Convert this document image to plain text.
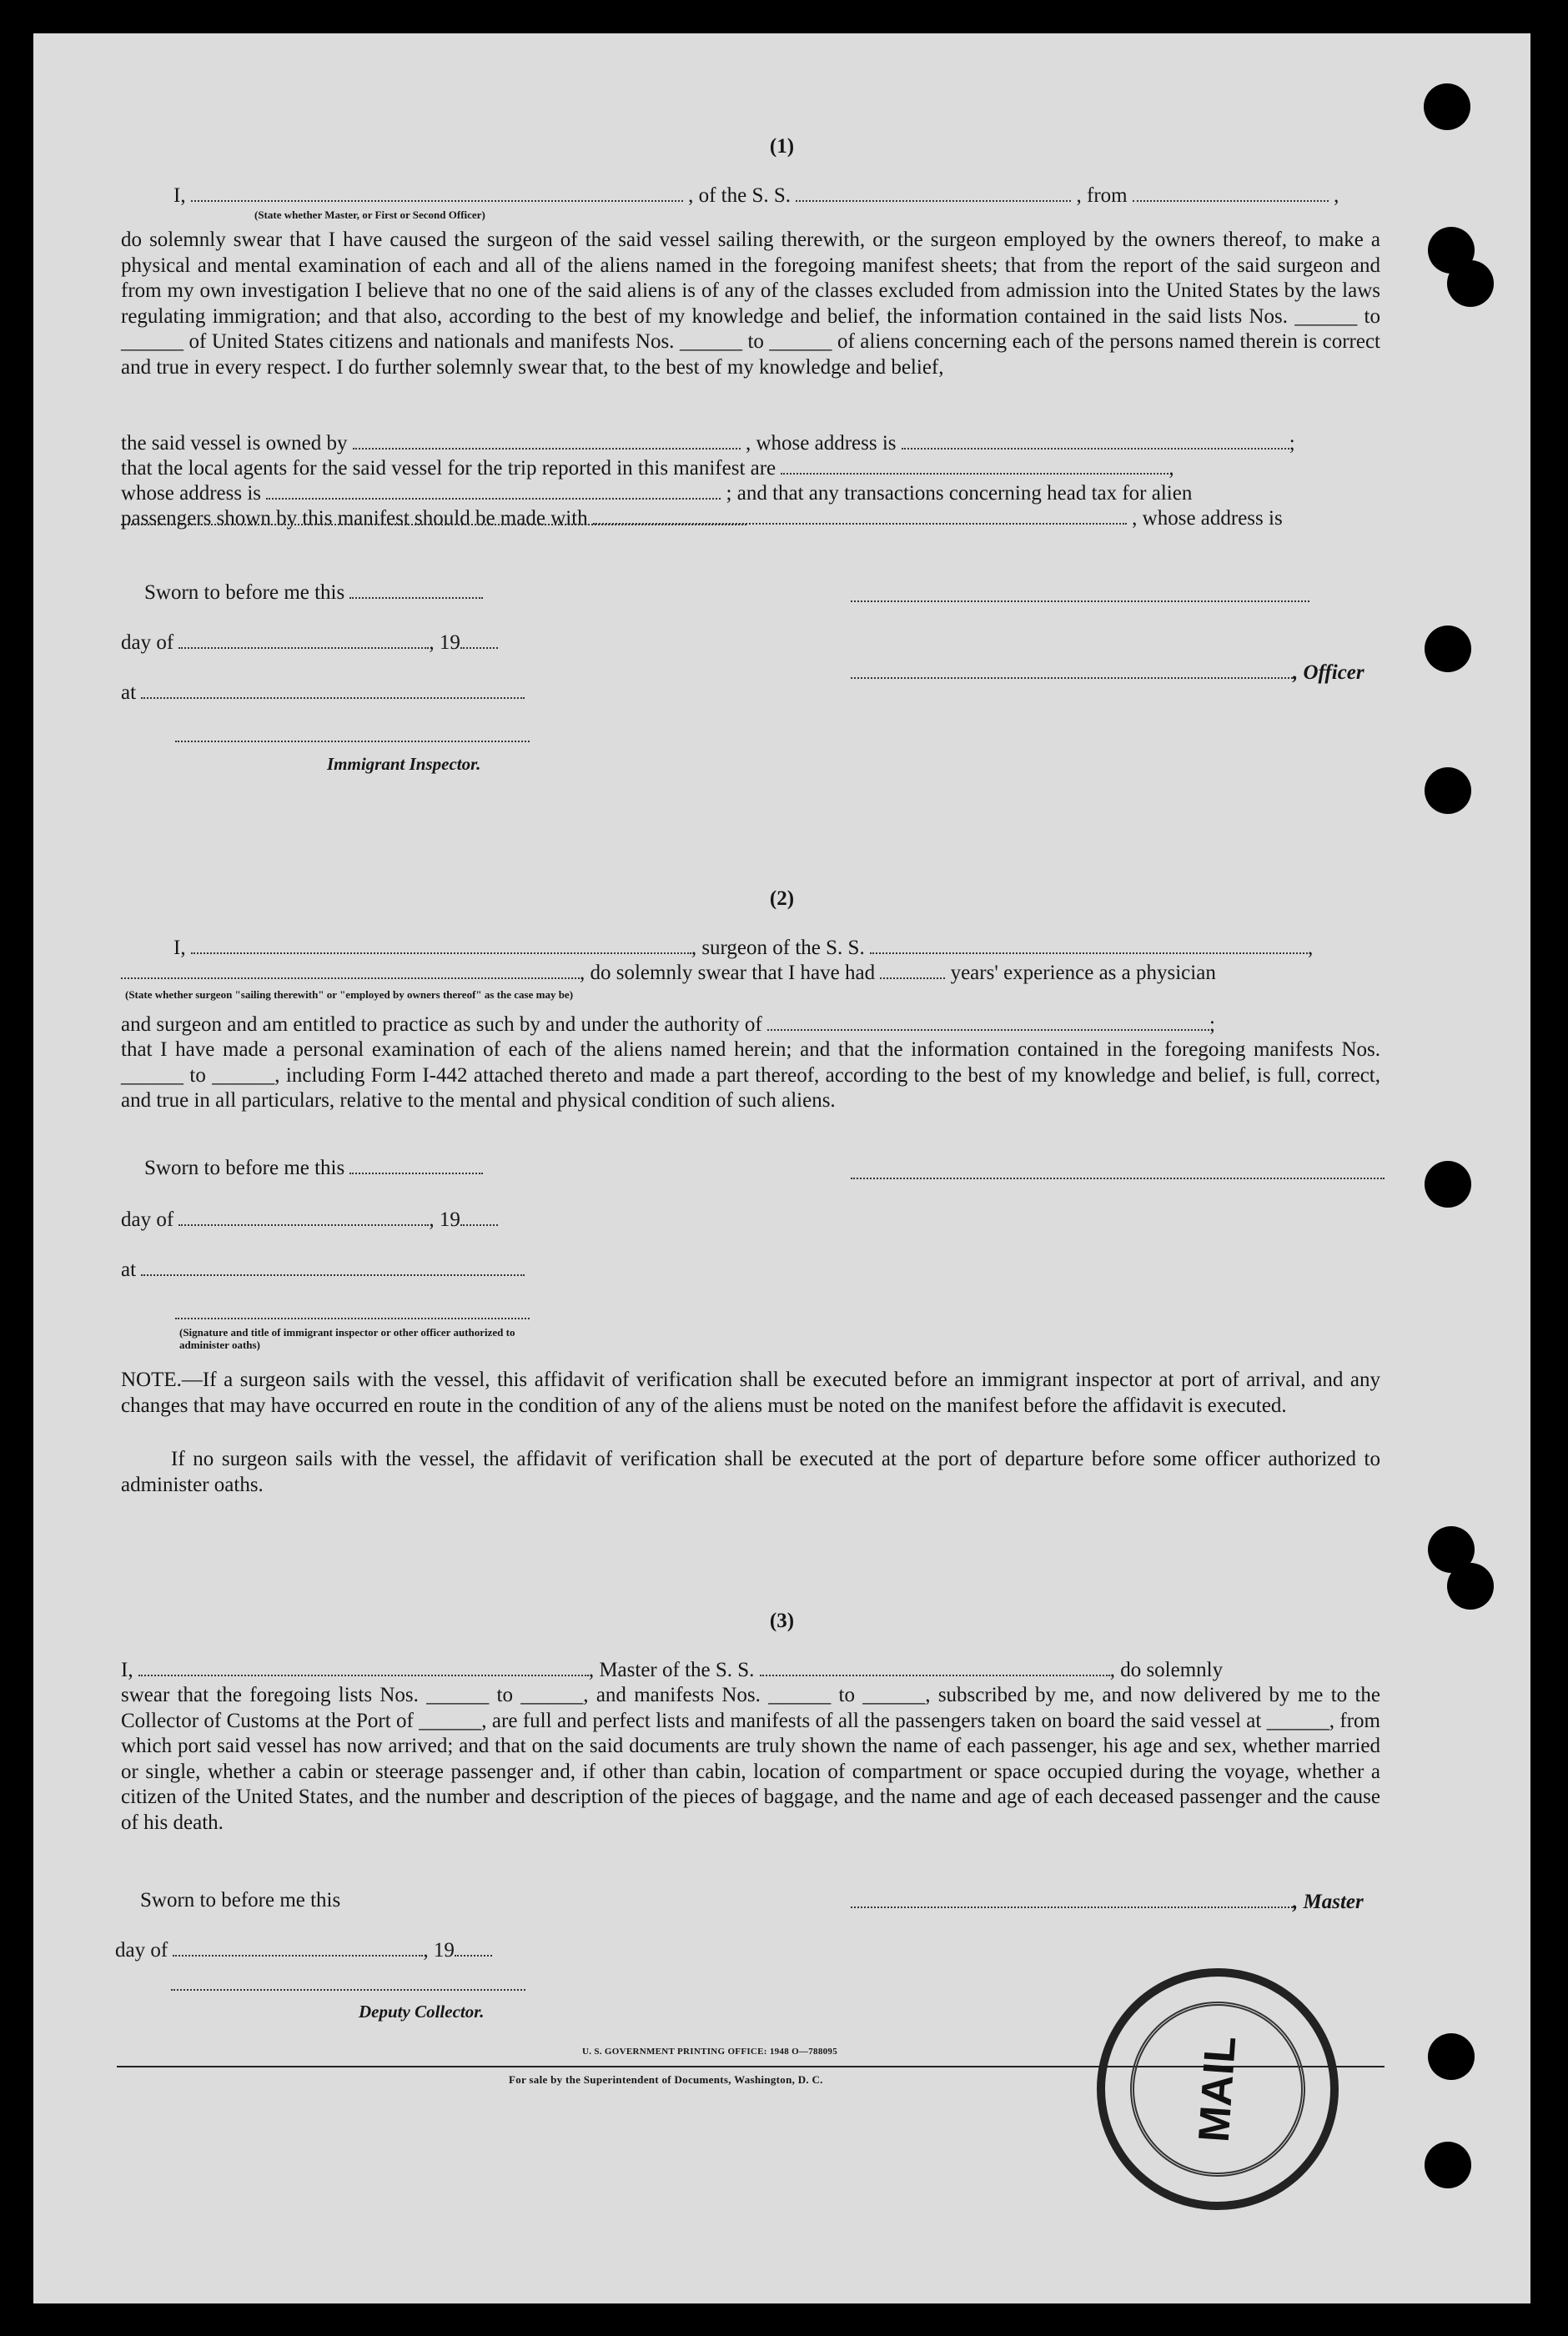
(1)
I,	, of the S. S.	, from	,
(State whether Master, or First or Second Officer)
do solemnly swear that I have caused the surgeon of the said vessel sailing therewith, or the surgeon employed by the owners thereof, to make a physical and mental examination of each and all of the aliens named in the foregoing manifest sheets; that from the report of the said surgeon and from my own investigation I believe that no one of the said aliens is of any of the classes excluded from admission into the United States by the laws regulating immigration; and that also, according to the best of my knowledge and belief, the information contained in the said lists Nos. ______ to ______ of United States citizens and nationals and manifests Nos. ______ to ______ of aliens concerning each of the persons named therein is correct and true in every respect. I do further solemnly swear that, to the best of my knowledge and belief,
the said vessel is owned by	, whose address is	;
that the local agents for the said vessel for the trip reported in this manifest are	,
whose address is	; and that any transactions concerning head tax for alien
passengers shown by this manifest should be made with	, whose address is
Sworn to before me this
day of	, 19
, Officer
at
Immigrant Inspector.
(2)
I,	, surgeon of the S. S.	,
, do solemnly swear that I have had	years' experience as a physician
(State whether surgeon "sailing therewith" or "employed by owners thereof" as the case may be)
and surgeon and am entitled to practice as such by and under the authority of	;
that I have made a personal examination of each of the aliens named herein; and that the information contained in the foregoing manifests Nos. ______ to ______, including Form I-442 attached thereto and made a part thereof, according to the best of my knowledge and belief, is full, correct, and true in all particulars, relative to the mental and physical condition of such aliens.
Sworn to before me this
day of	, 19
at
(Signature and title of immigrant inspector or other officer authorized to administer oaths)
NOTE.—If a surgeon sails with the vessel, this affidavit of verification shall be executed before an immigrant inspector at port of arrival, and any changes that may have occurred en route in the condition of any of the aliens must be noted on the manifest before the affidavit is executed.
If no surgeon sails with the vessel, the affidavit of verification shall be executed at the port of departure before some officer authorized to administer oaths.
(3)
I,	, Master of the S. S.	, do solemnly
swear that the foregoing lists Nos. ______ to ______, and manifests Nos. ______ to ______, subscribed by me, and now delivered by me to the Collector of Customs at the Port of ______, are full and perfect lists and manifests of all the passengers taken on board the said vessel at ______, from which port said vessel has now arrived; and that on the said documents are truly shown the name of each passenger, his age and sex, whether married or single, whether a cabin or steerage passenger and, if other than cabin, location of compartment or space occupied during the voyage, whether a citizen of the United States, and the number and description of the pieces of baggage, and the name and age of each deceased passenger and the cause of his death.
Sworn to before me this	, Master
day of	, 19
Deputy Collector.
U. S. GOVERNMENT PRINTING OFFICE: 1948 O—788095
For sale by the Superintendent of Documents, Washington, D. C.	MAIL
